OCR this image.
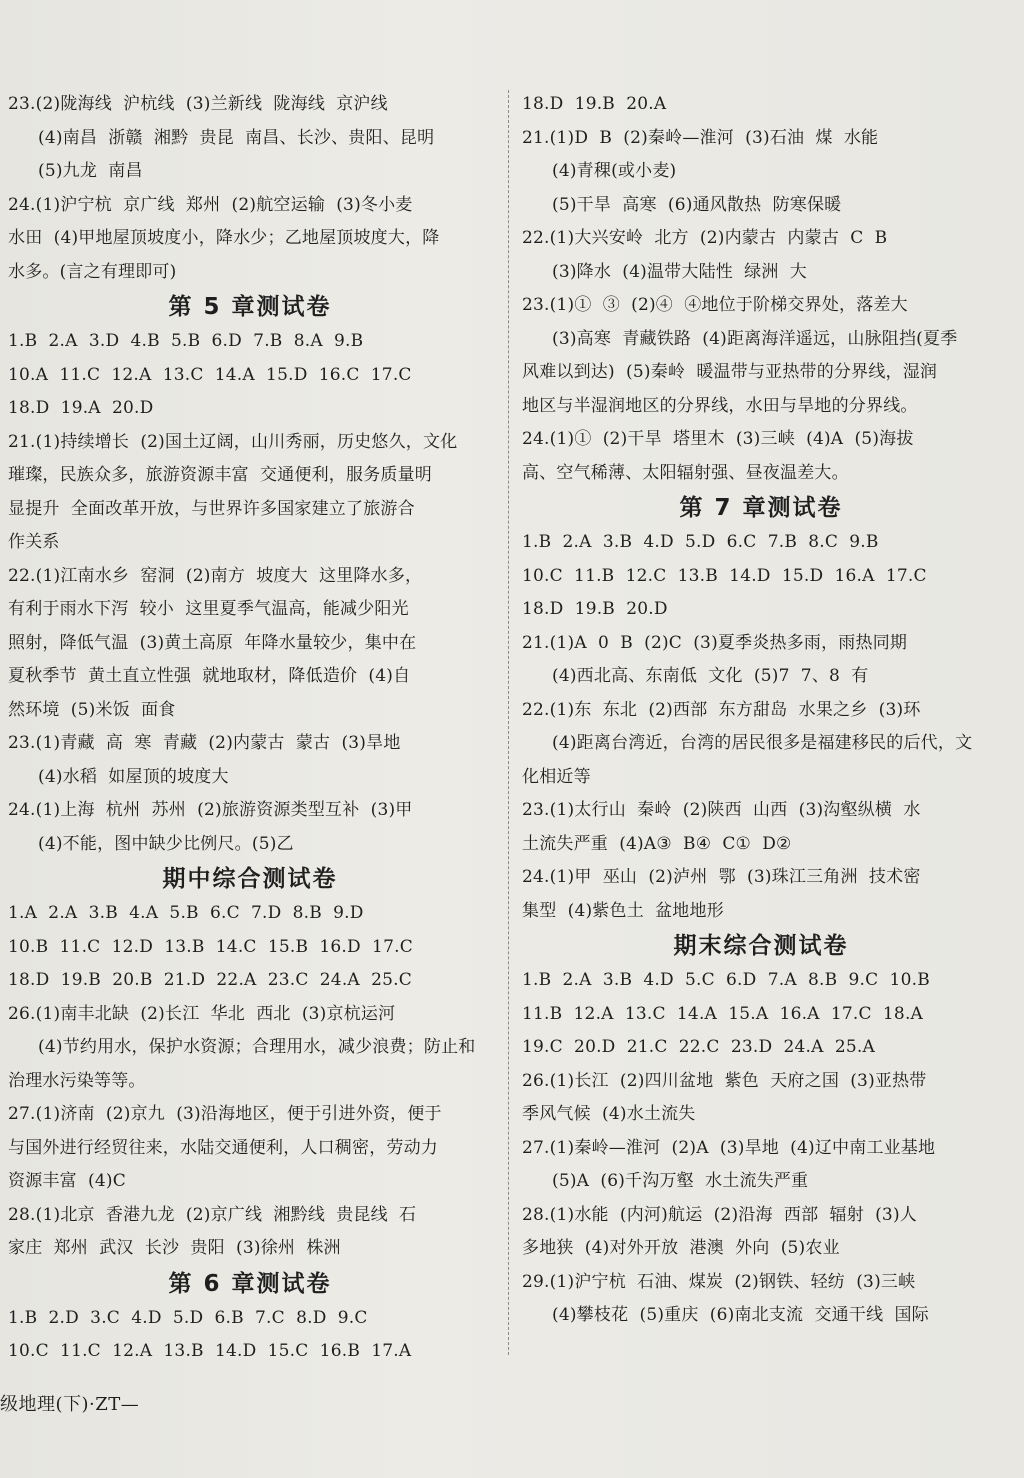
23.(2)陇海线  沪杭线  (3)兰新线  陇海线  京沪线
(4)南昌  浙赣  湘黔  贵昆  南昌、长沙、贵阳、昆明
(5)九龙  南昌
24.(1)沪宁杭  京广线  郑州  (2)航空运输  (3)冬小麦
水田  (4)甲地屋顶坡度小，降水少；乙地屋顶坡度大，降
水多。(言之有理即可)
第 5 章测试卷
1.B  2.A  3.D  4.B  5.B  6.D  7.B  8.A  9.B
10.A  11.C  12.A  13.C  14.A  15.D  16.C  17.C
18.D  19.A  20.D
21.(1)持续增长  (2)国土辽阔，山川秀丽，历史悠久，文化
璀璨，民族众多，旅游资源丰富  交通便利，服务质量明
显提升  全面改革开放，与世界许多国家建立了旅游合
作关系
22.(1)江南水乡  窑洞  (2)南方  坡度大  这里降水多，
有利于雨水下泻  较小  这里夏季气温高，能减少阳光
照射，降低气温  (3)黄土高原  年降水量较少，集中在
夏秋季节  黄土直立性强  就地取材，降低造价  (4)自
然环境  (5)米饭  面食
23.(1)青藏  高  寒  青藏  (2)内蒙古  蒙古  (3)旱地
(4)水稻  如屋顶的坡度大
24.(1)上海  杭州  苏州  (2)旅游资源类型互补  (3)甲
(4)不能，图中缺少比例尺。(5)乙
期中综合测试卷
1.A  2.A  3.B  4.A  5.B  6.C  7.D  8.B  9.D
10.B  11.C  12.D  13.B  14.C  15.B  16.D  17.C
18.D  19.B  20.B  21.D  22.A  23.C  24.A  25.C
26.(1)南丰北缺  (2)长江  华北  西北  (3)京杭运河
(4)节约用水，保护水资源；合理用水，减少浪费；防止和
治理水污染等等。
27.(1)济南  (2)京九  (3)沿海地区，便于引进外资，便于
与国外进行经贸往来，水陆交通便利，人口稠密，劳动力
资源丰富  (4)C
28.(1)北京  香港九龙  (2)京广线  湘黔线  贵昆线  石
家庄  郑州  武汉  长沙  贵阳  (3)徐州  株洲
第 6 章测试卷
1.B  2.D  3.C  4.D  5.D  6.B  7.C  8.D  9.C
10.C  11.C  12.A  13.B  14.D  15.C  16.B  17.A
18.D  19.B  20.A
21.(1)D  B  (2)秦岭—淮河  (3)石油  煤  水能
(4)青稞(或小麦)
(5)干旱  高寒  (6)通风散热  防寒保暖
22.(1)大兴安岭  北方  (2)内蒙古  内蒙古  C  B
(3)降水  (4)温带大陆性  绿洲  大
23.(1)①  ③  (2)④  ④地位于阶梯交界处，落差大
(3)高寒  青藏铁路  (4)距离海洋遥远，山脉阻挡(夏季
风难以到达)  (5)秦岭  暖温带与亚热带的分界线，湿润
地区与半湿润地区的分界线，水田与旱地的分界线。
24.(1)①  (2)干旱  塔里木  (3)三峡  (4)A  (5)海拔
高、空气稀薄、太阳辐射强、昼夜温差大。
第 7 章测试卷
1.B  2.A  3.B  4.D  5.D  6.C  7.B  8.C  9.B
10.C  11.B  12.C  13.B  14.D  15.D  16.A  17.C
18.D  19.B  20.D
21.(1)A  0  B  (2)C  (3)夏季炎热多雨，雨热同期
(4)西北高、东南低  文化  (5)7  7、8  有
22.(1)东  东北  (2)西部  东方甜岛  水果之乡  (3)环
(4)距离台湾近，台湾的居民很多是福建移民的后代，文
化相近等
23.(1)太行山  秦岭  (2)陕西  山西  (3)沟壑纵横  水
土流失严重  (4)A③  B④  C①  D②
24.(1)甲  巫山  (2)泸州  鄂  (3)珠江三角洲  技术密
集型  (4)紫色土  盆地地形
期末综合测试卷
1.B  2.A  3.B  4.D  5.C  6.D  7.A  8.B  9.C  10.B
11.B  12.A  13.C  14.A  15.A  16.A  17.C  18.A
19.C  20.D  21.C  22.C  23.D  24.A  25.A
26.(1)长江  (2)四川盆地  紫色  天府之国  (3)亚热带
季风气候  (4)水土流失
27.(1)秦岭—淮河  (2)A  (3)旱地  (4)辽中南工业基地
(5)A  (6)千沟万壑  水土流失严重
28.(1)水能  (内河)航运  (2)沿海  西部  辐射  (3)人
多地狭  (4)对外开放  港澳  外向  (5)农业
29.(1)沪宁杭  石油、煤炭  (2)钢铁、轻纺  (3)三峡
(4)攀枝花  (5)重庆  (6)南北支流  交通干线  国际
级地理(下)·ZT—
